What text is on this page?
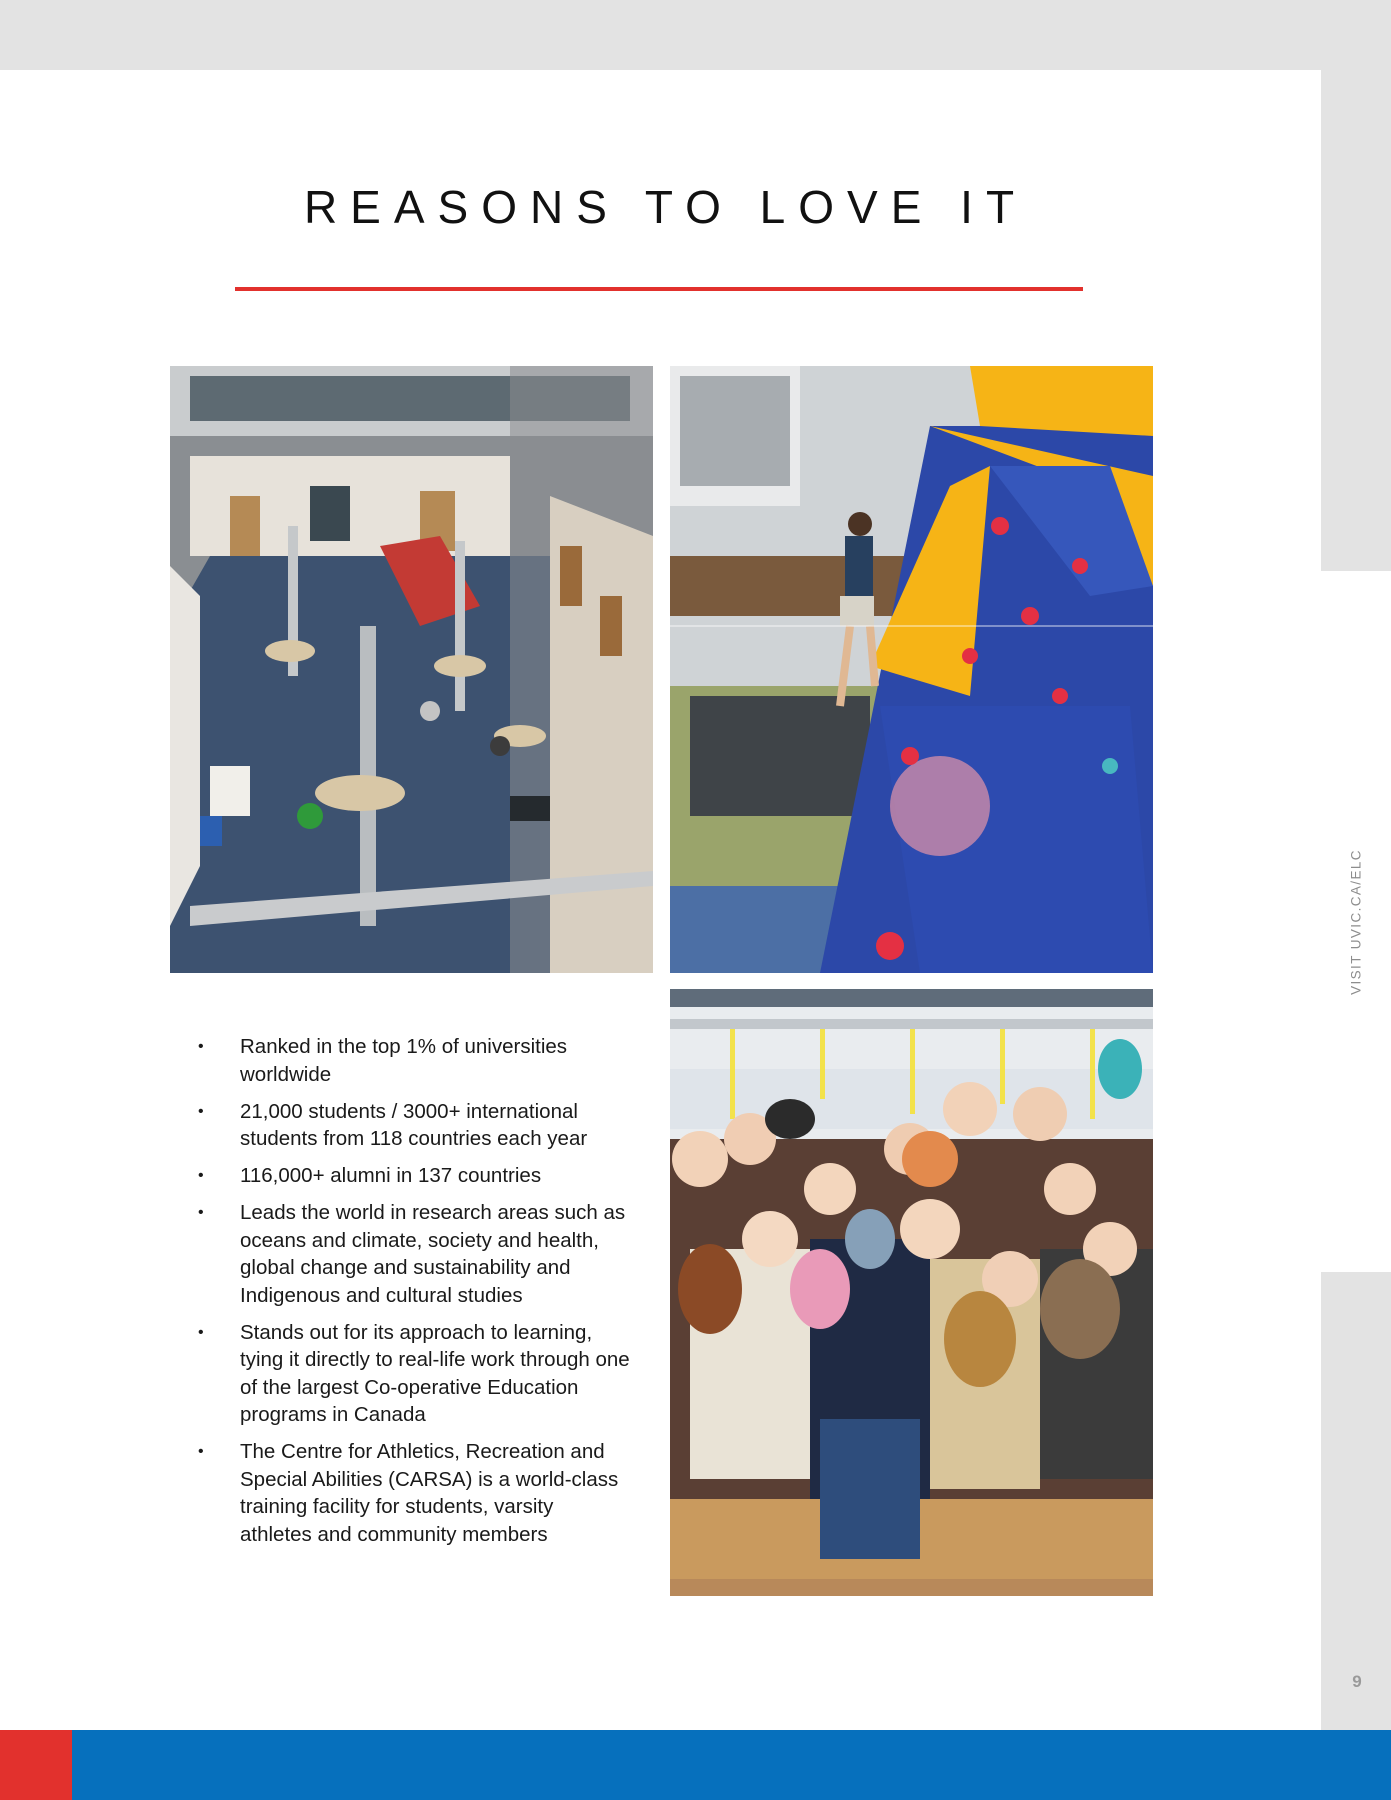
REASONS TO LOVE IT
• Ranked in the top 1% of universities worldwide
• 21,000 students / 3000+ international students from 118 countries each year
• 116,000+ alumni in 137 countries
• Leads the world in research areas such as oceans and climate, society and health, global change and sustainability and Indigenous and cultural studies
• Stands out for its approach to learning, tying it directly to real-life work through one of the largest Co-operative Education programs in Canada
• The Centre for Athletics, Recreation and Special Abilities (CARSA) is a world-class training facility for students, varsity athletes and community members
VISIT UVIC.CA/ELC
9
